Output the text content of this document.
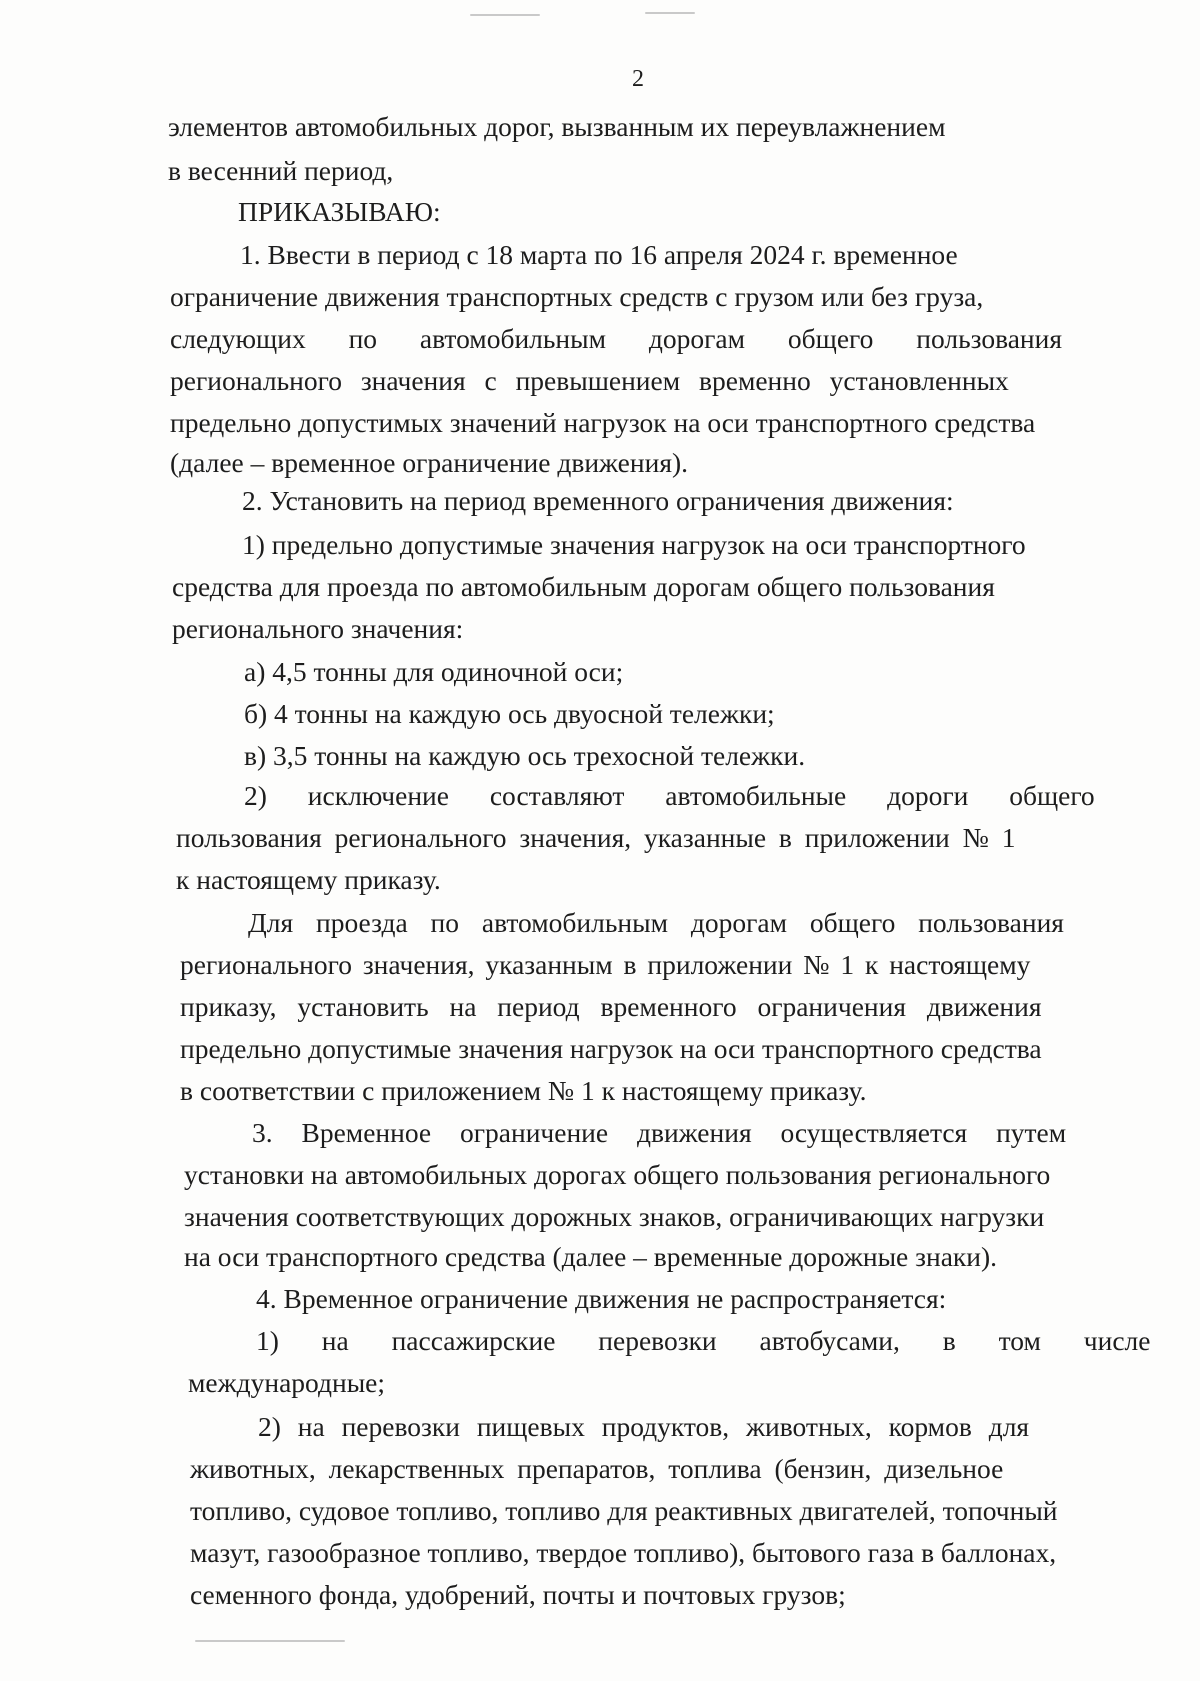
2
элементов автомобильных дорог, вызванным их переувлажнением
в весенний период,
ПРИКАЗЫВАЮ:
1. Ввести в период с 18 марта по 16 апреля 2024 г. временное
ограничение движения транспортных средств с грузом или без груза,
следующих по автомобильным дорогам общего пользования
регионального значения с превышением временно установленных
предельно допустимых значений нагрузок на оси транспортного средства
(далее – временное ограничение движения).
2. Установить на период временного ограничения движения:
1) предельно допустимые значения нагрузок на оси транспортного
средства для проезда по автомобильным дорогам общего пользования
регионального значения:
а) 4,5 тонны для одиночной оси;
б) 4 тонны на каждую ось двуосной тележки;
в) 3,5 тонны на каждую ось трехосной тележки.
2) исключение составляют автомобильные дороги общего
пользования регионального значения, указанные в приложении № 1
к настоящему приказу.
Для проезда по автомобильным дорогам общего пользования
регионального значения, указанным в приложении № 1 к настоящему
приказу, установить на период временного ограничения движения
предельно допустимые значения нагрузок на оси транспортного средства
в соответствии с приложением № 1 к настоящему приказу.
3. Временное ограничение движения осуществляется путем
установки на автомобильных дорогах общего пользования регионального
значения соответствующих дорожных знаков, ограничивающих нагрузки
на оси транспортного средства (далее – временные дорожные знаки).
4. Временное ограничение движения не распространяется:
1) на пассажирские перевозки автобусами, в том числе
международные;
2) на перевозки пищевых продуктов, животных, кормов для
животных, лекарственных препаратов, топлива (бензин, дизельное
топливо, судовое топливо, топливо для реактивных двигателей, топочный
мазут, газообразное топливо, твердое топливо), бытового газа в баллонах,
семенного фонда, удобрений, почты и почтовых грузов;
